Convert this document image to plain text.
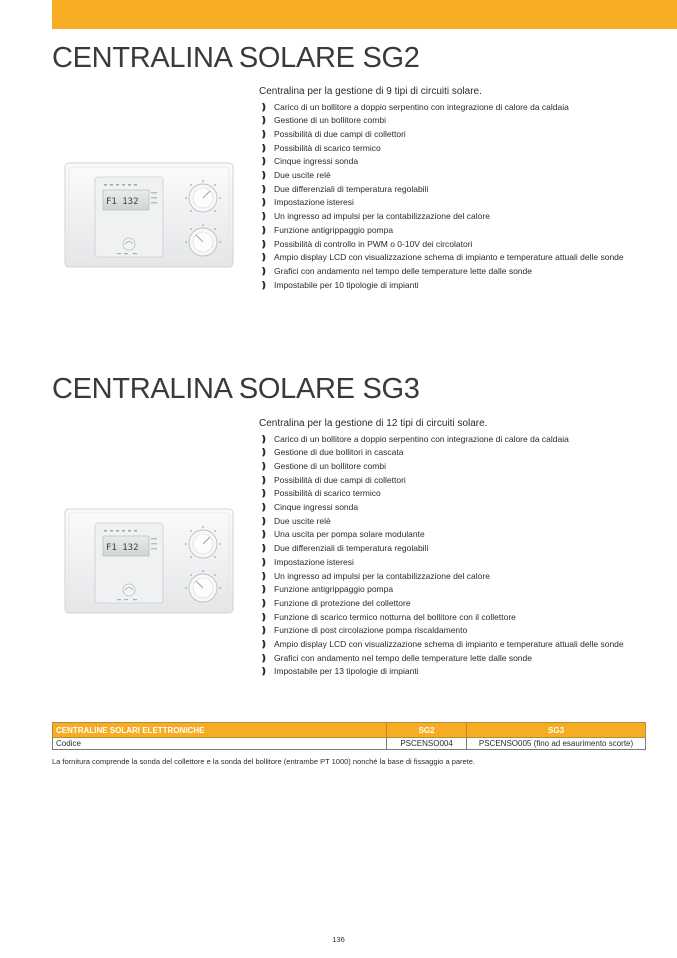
CENTRALINA SOLARE SG2
F1 132

Centralina per la gestione di 9 tipi di circuiti solare.

❫ Carico di un bollitore a doppio serpentino con integrazione di calore da caldaia
❫ Gestione di un bollitore combi
❫ Possibilità di due campi di collettori
❫ Possibilità di scarico termico
❫ Cinque ingressi sonda
❫ Due uscite relè
❫ Due differenziali di temperatura regolabili
❫ Impostazione isteresi
❫ Un ingresso ad impulsi per la contabilizzazione del calore
❫ Funzione antigrippaggio pompa
❫ Possibilità di controllo in PWM o 0-10V dei circolatori
❫ Ampio display LCD con visualizzazione schema di impianto e temperature attuali delle sonde
❫ Grafici con andamento nel tempo delle temperature lette dalle sonde
❫ Impostabile per 10 tipologie di impianti
CENTRALINA SOLARE SG3
F1 132

Centralina per la gestione di 12 tipi di circuiti solare.

❫ Carico di un bollitore a doppio serpentino con integrazione di calore da caldaia
❫ Gestione di due bollitori in cascata
❫ Gestione di un bollitore combi
❫ Possibilità di due campi di collettori
❫ Possibilità di scarico termico
❫ Cinque ingressi sonda
❫ Due uscite relè
❫ Una uscita per pompa solare modulante
❫ Due differenziali di temperatura regolabili
❫ Impostazione isteresi
❫ Un ingresso ad impulsi per la contabilizzazione del calore
❫ Funzione antigrippaggio pompa
❫ Funzione di protezione del collettore
❫ Funzione di scarico termico notturna del bollitore con il collettore
❫ Funzione di post circolazione pompa riscaldamento
❫ Ampio display LCD con visualizzazione schema di impianto e temperature attuali delle sonde
❫ Grafici con andamento nel tempo delle temperature lette dalle sonde
❫ Impostabile per 13 tipologie di impianti
CENTRALINE SOLARI ELETTRONICHE	SG2	SG3
Codice	PSCENSO004	PSCENSO005 (fino ad esaurimento scorte)

La fornitura comprende la sonda del collettore e la sonda del bollitore (entrambe PT 1000) nonché la base di fissaggio a parete.

136
